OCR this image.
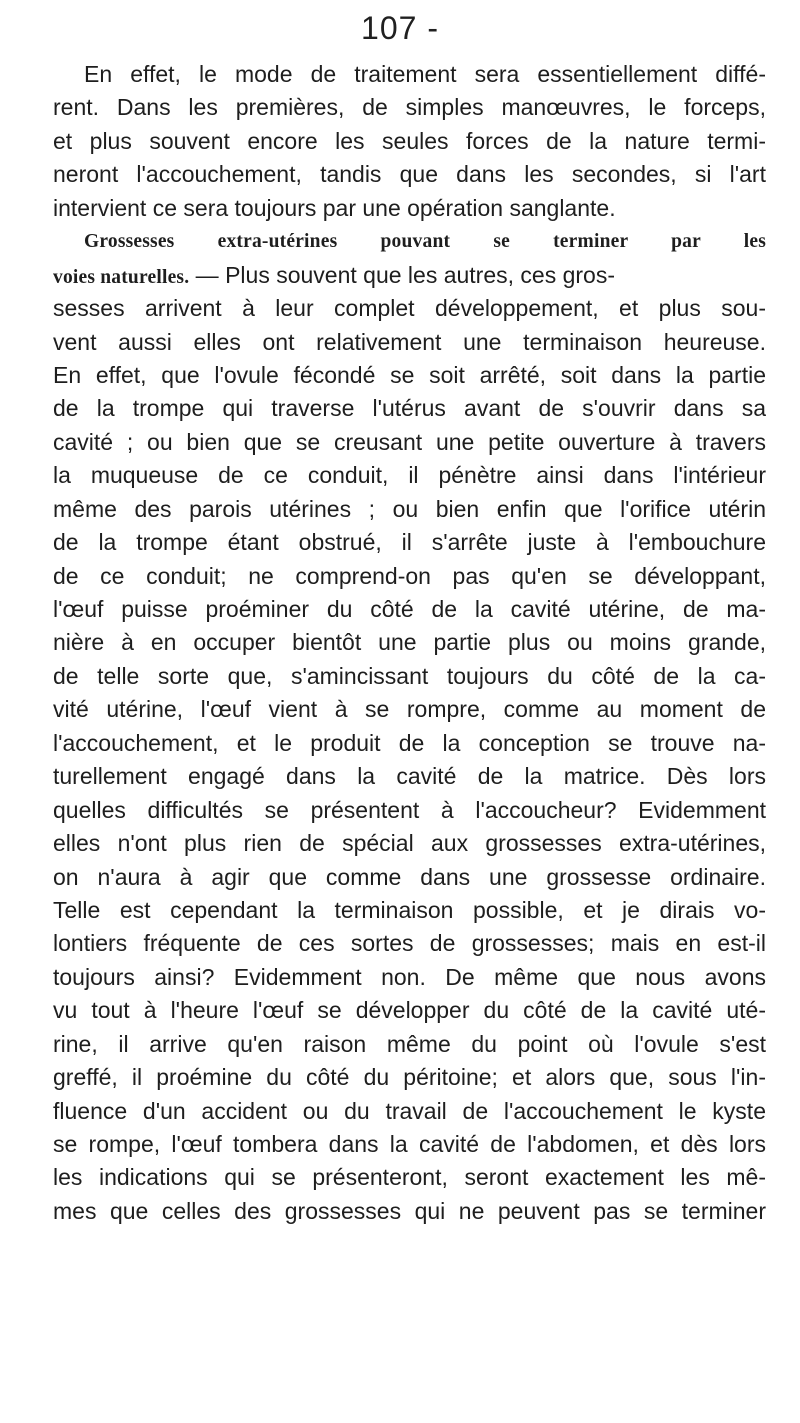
107 -
En effet, le mode de traitement sera essentiellement diffé-
rent. Dans les premières, de simples manœuvres, le forceps,
et plus souvent encore les seules forces de la nature termi-
neront l'accouchement, tandis que dans les secondes, si l'art
intervient ce sera toujours par une opération sanglante.
Grossesses extra-utérines pouvant se terminer par les
voies naturelles. — Plus souvent que les autres, ces gros-
sesses arrivent à leur complet développement, et plus sou-
vent aussi elles ont relativement une terminaison heureuse.
En effet, que l'ovule fécondé se soit arrêté, soit dans la partie
de la trompe qui traverse l'utérus avant de s'ouvrir dans sa
cavité ; ou bien que se creusant une petite ouverture à travers
la muqueuse de ce conduit, il pénètre ainsi dans l'intérieur
même des parois utérines ; ou bien enfin que l'orifice utérin
de la trompe étant obstrué, il s'arrête juste à l'embouchure
de ce conduit; ne comprend-on pas qu'en se développant,
l'œuf puisse proéminer du côté de la cavité utérine, de ma-
nière à en occuper bientôt une partie plus ou moins grande,
de telle sorte que, s'amincissant toujours du côté de la ca-
vité utérine, l'œuf vient à se rompre, comme au moment de
l'accouchement, et le produit de la conception se trouve na-
turellement engagé dans la cavité de la matrice. Dès lors
quelles difficultés se présentent à l'accoucheur? Evidemment
elles n'ont plus rien de spécial aux grossesses extra-utérines,
on n'aura à agir que comme dans une grossesse ordinaire.
Telle est cependant la terminaison possible, et je dirais vo-
lontiers fréquente de ces sortes de grossesses; mais en est-il
toujours ainsi? Evidemment non. De même que nous avons
vu tout à l'heure l'œuf se développer du côté de la cavité uté-
rine, il arrive qu'en raison même du point où l'ovule s'est
greffé, il proémine du côté du péritoine; et alors que, sous l'in-
fluence d'un accident ou du travail de l'accouchement le kyste
se rompe, l'œuf tombera dans la cavité de l'abdomen, et dès lors
les indications qui se présenteront, seront exactement les mê-
mes que celles des grossesses qui ne peuvent pas se terminer
